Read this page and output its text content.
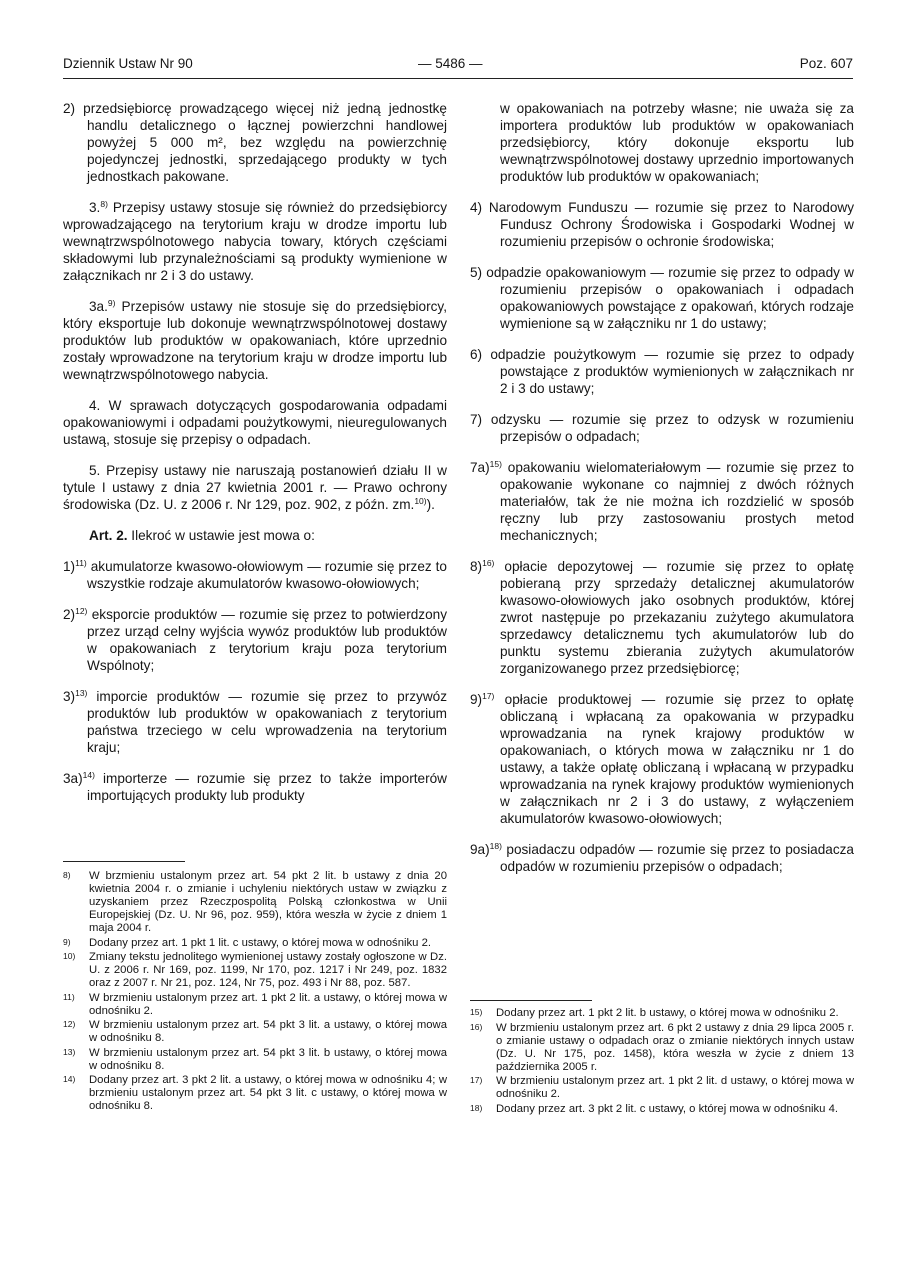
Dziennik Ustaw Nr 90	— 5486 —	Poz. 607

2) przedsiębiorcę prowadzącego więcej niż jedną jednostkę handlu detalicznego o łącznej powierzchni handlowej powyżej 5 000 m², bez względu na powierzchnię pojedynczej jednostki, sprzedającego produkty w tych jednostkach pakowane.

3.$^{8)}$ Przepisy ustawy stosuje się również do przedsiębiorcy wprowadzającego na terytorium kraju w drodze importu lub wewnątrzwspólnotowego nabycia towary, których częściami składowymi lub przynależnościami są produkty wymienione w załącznikach nr 2 i 3 do ustawy.

3a.$^{9)}$ Przepisów ustawy nie stosuje się do przedsiębiorcy, który eksportuje lub dokonuje wewnątrzwspólnotowej dostawy produktów lub produktów w opakowaniach, które uprzednio zostały wprowadzone na terytorium kraju w drodze importu lub wewnątrzwspólnotowego nabycia.

4. W sprawach dotyczących gospodarowania odpadami opakowaniowymi i odpadami poużytkowymi, nieuregulowanych ustawą, stosuje się przepisy o odpadach.

5. Przepisy ustawy nie naruszają postanowień działu II w tytule I ustawy z dnia 27 kwietnia 2001 r. — Prawo ochrony środowiska (Dz. U. z 2006 r. Nr 129, poz. 902, z późn. zm.$^{10)}$).

Art. 2. Ilekroć w ustawie jest mowa o:

1)$^{11)}$ akumulatorze kwasowo-ołowiowym — rozumie się przez to wszystkie rodzaje akumulatorów kwasowo-ołowiowych;

2)$^{12)}$ eksporcie produktów — rozumie się przez to potwierdzony przez urząd celny wyjścia wywóz produktów lub produktów w opakowaniach z terytorium kraju poza terytorium Wspólnoty;

3)$^{13)}$ imporcie produktów — rozumie się przez to przywóz produktów lub produktów w opakowaniach z terytorium państwa trzeciego w celu wprowadzenia na terytorium kraju;

3a)$^{14)}$ importerze — rozumie się przez to także importerów importujących produkty lub produkty

8) W brzmieniu ustalonym przez art. 54 pkt 2 lit. b ustawy z dnia 20 kwietnia 2004 r. o zmianie i uchyleniu niektórych ustaw w związku z uzyskaniem przez Rzeczpospolitą Polską członkostwa w Unii Europejskiej (Dz. U. Nr 96, poz. 959), która weszła w życie z dniem 1 maja 2004 r.

9) Dodany przez art. 1 pkt 1 lit. c ustawy, o której mowa w odnośniku 2.

10) Zmiany tekstu jednolitego wymienionej ustawy zostały ogłoszone w Dz. U. z 2006 r. Nr 169, poz. 1199, Nr 170, poz. 1217 i Nr 249, poz. 1832 oraz z 2007 r. Nr 21, poz. 124, Nr 75, poz. 493 i Nr 88, poz. 587.

11) W brzmieniu ustalonym przez art. 1 pkt 2 lit. a ustawy, o której mowa w odnośniku 2.

12) W brzmieniu ustalonym przez art. 54 pkt 3 lit. a ustawy, o której mowa w odnośniku 8.

13) W brzmieniu ustalonym przez art. 54 pkt 3 lit. b ustawy, o której mowa w odnośniku 8.

14) Dodany przez art. 3 pkt 2 lit. a ustawy, o której mowa w odnośniku 4; w brzmieniu ustalonym przez art. 54 pkt 3 lit. c ustawy, o której mowa w odnośniku 8.

w opakowaniach na potrzeby własne; nie uważa się za importera produktów lub produktów w opakowaniach przedsiębiorcy, który dokonuje eksportu lub wewnątrzwspólnotowej dostawy uprzednio importowanych produktów lub produktów w opakowaniach;

4) Narodowym Funduszu — rozumie się przez to Narodowy Fundusz Ochrony Środowiska i Gospodarki Wodnej w rozumieniu przepisów o ochronie środowiska;

5) odpadzie opakowaniowym — rozumie się przez to odpady w rozumieniu przepisów o opakowaniach i odpadach opakowaniowych powstające z opakowań, których rodzaje wymienione są w załączniku nr 1 do ustawy;

6) odpadzie poużytkowym — rozumie się przez to odpady powstające z produktów wymienionych w załącznikach nr 2 i 3 do ustawy;

7) odzysku — rozumie się przez to odzysk w rozumieniu przepisów o odpadach;

7a)$^{15)}$ opakowaniu wielomateriałowym — rozumie się przez to opakowanie wykonane co najmniej z dwóch różnych materiałów, tak że nie można ich rozdzielić w sposób ręczny lub przy zastosowaniu prostych metod mechanicznych;

8)$^{16)}$ opłacie depozytowej — rozumie się przez to opłatę pobieraną przy sprzedaży detalicznej akumulatorów kwasowo-ołowiowych jako osobnych produktów, której zwrot następuje po przekazaniu zużytego akumulatora sprzedawcy detalicznemu tych akumulatorów lub do punktu systemu zbierania zużytych akumulatorów zorganizowanego przez przedsiębiorcę;

9)$^{17)}$ opłacie produktowej — rozumie się przez to opłatę obliczaną i wpłacaną za opakowania w przypadku wprowadzania na rynek krajowy produktów w opakowaniach, o których mowa w załączniku nr 1 do ustawy, a także opłatę obliczaną i wpłacaną w przypadku wprowadzania na rynek krajowy produktów wymienionych w załącznikach nr 2 i 3 do ustawy, z wyłączeniem akumulatorów kwasowo-ołowiowych;

9a)$^{18)}$ posiadaczu odpadów — rozumie się przez to posiadacza odpadów w rozumieniu przepisów o odpadach;

15) Dodany przez art. 1 pkt 2 lit. b ustawy, o której mowa w odnośniku 2.

16) W brzmieniu ustalonym przez art. 6 pkt 2 ustawy z dnia 29 lipca 2005 r. o zmianie ustawy o odpadach oraz o zmianie niektórych innych ustaw (Dz. U. Nr 175, poz. 1458), która weszła w życie z dniem 13 października 2005 r.

17) W brzmieniu ustalonym przez art. 1 pkt 2 lit. d ustawy, o której mowa w odnośniku 2.

18) Dodany przez art. 3 pkt 2 lit. c ustawy, o której mowa w odnośniku 4.
